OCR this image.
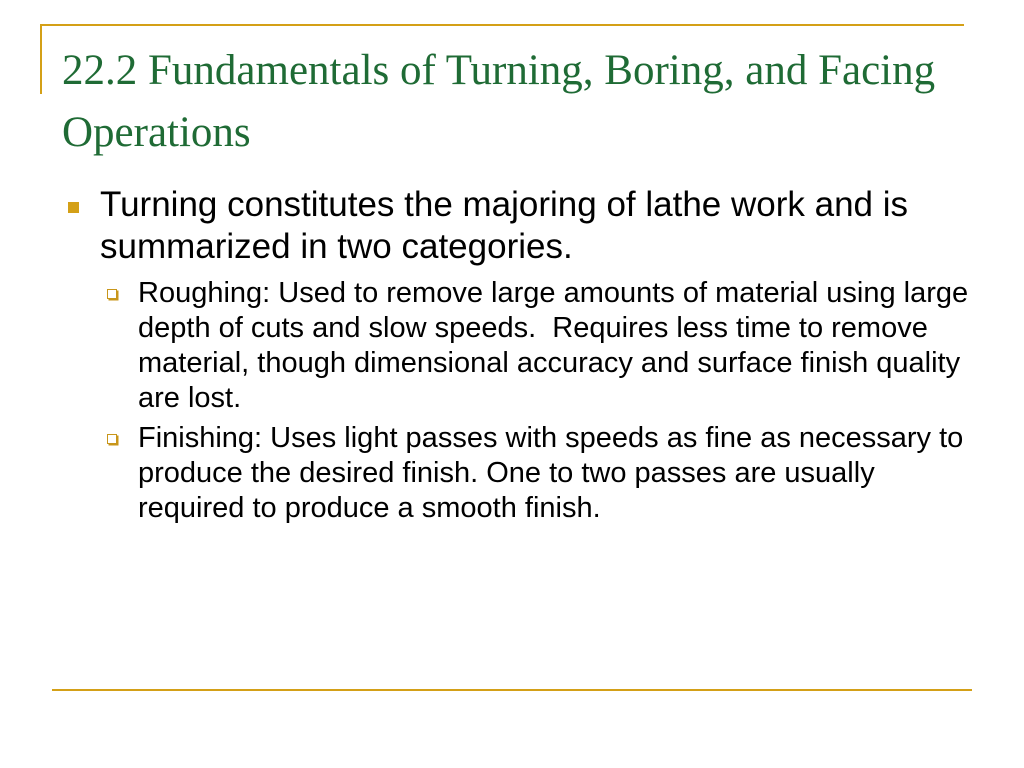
22.2 Fundamentals of Turning, Boring, and Facing Operations
Turning constitutes the majoring of lathe work and is summarized in two categories.
Roughing: Used to remove large amounts of material using large depth of cuts and slow speeds.  Requires less time to remove material, though dimensional accuracy and surface finish quality are lost.
Finishing: Uses light passes with speeds as fine as necessary to produce the desired finish. One to two passes are usually required to produce a smooth finish.
